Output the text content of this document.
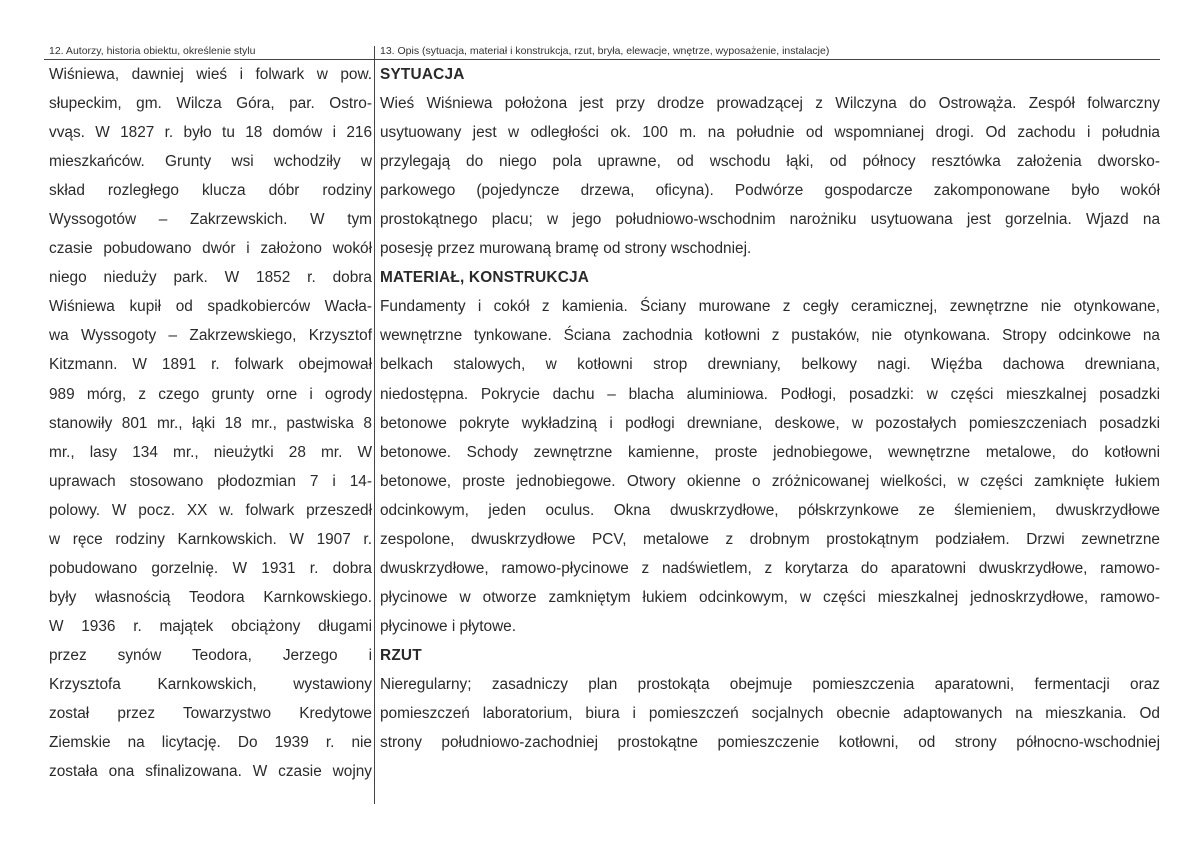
12. Autorzy, historia obiektu, określenie stylu	13. Opis (sytuacja, materiał i konstrukcja, rzut, bryła, elewacje, wnętrze, wyposażenie, instalacje)
Wiśniewa, dawniej wieś i folwark w pow.
słupeckim, gm. Wilcza Góra, par. Ostro-
vvąs. W 1827 r. było tu 18 domów i 216
mieszkańców. Grunty wsi wchodziły w
skład rozległego klucza dóbr rodziny
Wyssogotów – Zakrzewskich. W tym
czasie pobudowano dwór i założono wokół
niego nieduży park. W 1852 r. dobra
Wiśniewa kupił od spadkobierców Wacła-
wa Wyssogoty – Zakrzewskiego, Krzysztof
Kitzmann. W 1891 r. folwark obejmował
989 mórg, z czego grunty orne i ogrody
stanowiły 801 mr., łąki 18 mr., pastwiska 8
mr., lasy 134 mr., nieużytki 28 mr. W
uprawach stosowano płodozmian 7 i 14-
polowy. W pocz. XX w. folwark przeszedł
w ręce rodziny Karnkowskich. W 1907 r.
pobudowano gorzelnię. W 1931 r. dobra
były własnością Teodora Karnkowskiego.
W 1936 r. majątek obciążony długami
przez synów Teodora, Jerzego i
Krzysztofa Karnkowskich, wystawiony
został przez Towarzystwo Kredytowe
Ziemskie na licytację. Do 1939 r. nie
została ona sfinalizowana. W czasie wojny
SYTUACJA
Wieś Wiśniewa położona jest przy drodze prowadzącej z Wilczyna do Ostrowąża. Zespół folwarczny
usytuowany jest w odległości ok. 100 m. na południe od wspomnianej drogi. Od zachodu i południa
przylegają do niego pola uprawne, od wschodu łąki, od północy resztówka założenia dworsko-
parkowego (pojedyncze drzewa, oficyna). Podwórze gospodarcze zakomponowane było wokół
prostokątnego placu; w jego południowo-wschodnim narożniku usytuowana jest gorzelnia. Wjazd na
posesję przez murowaną bramę od strony wschodniej.
MATERIAŁ, KONSTRUKCJA
Fundamenty i cokół z kamienia. Ściany murowane z cegły ceramicznej, zewnętrzne nie otynkowane,
wewnętrzne tynkowane. Ściana zachodnia kotłowni z pustaków, nie otynkowana. Stropy odcinkowe na
belkach stalowych, w kotłowni strop drewniany, belkowy nagi. Więźba dachowa drewniana,
niedostępna. Pokrycie dachu – blacha aluminiowa. Podłogi, posadzki: w części mieszkalnej posadzki
betonowe pokryte wykładziną i podłogi drewniane, deskowe, w pozostałych pomieszczeniach posadzki
betonowe. Schody zewnętrzne kamienne, proste jednobiegowe, wewnętrzne metalowe, do kotłowni
betonowe, proste jednobiegowe. Otwory okienne o zróżnicowanej wielkości, w części zamknięte łukiem
odcinkowym, jeden oculus. Okna dwuskrzydłowe, półskrzynkowe ze ślemieniem, dwuskrzydłowe
zespolone, dwuskrzydłowe PCV, metalowe z drobnym prostokątnym podziałem. Drzwi zewnetrzne
dwuskrzydłowe, ramowo-płycinowe z nadświetlem, z korytarza do aparatowni dwuskrzydłowe, ramowo-
płycinowe w otworze zamkniętym łukiem odcinkowym, w części mieszkalnej jednoskrzydłowe, ramowo-
płycinowe i płytowe.
RZUT
Nieregularny; zasadniczy plan prostokąta obejmuje pomieszczenia aparatowni, fermentacji oraz
pomieszczeń laboratorium, biura i pomieszczeń socjalnych obecnie adaptowanych na mieszkania. Od
strony południowo-zachodniej prostokątne pomieszczenie kotłowni, od strony północno-wschodniej
